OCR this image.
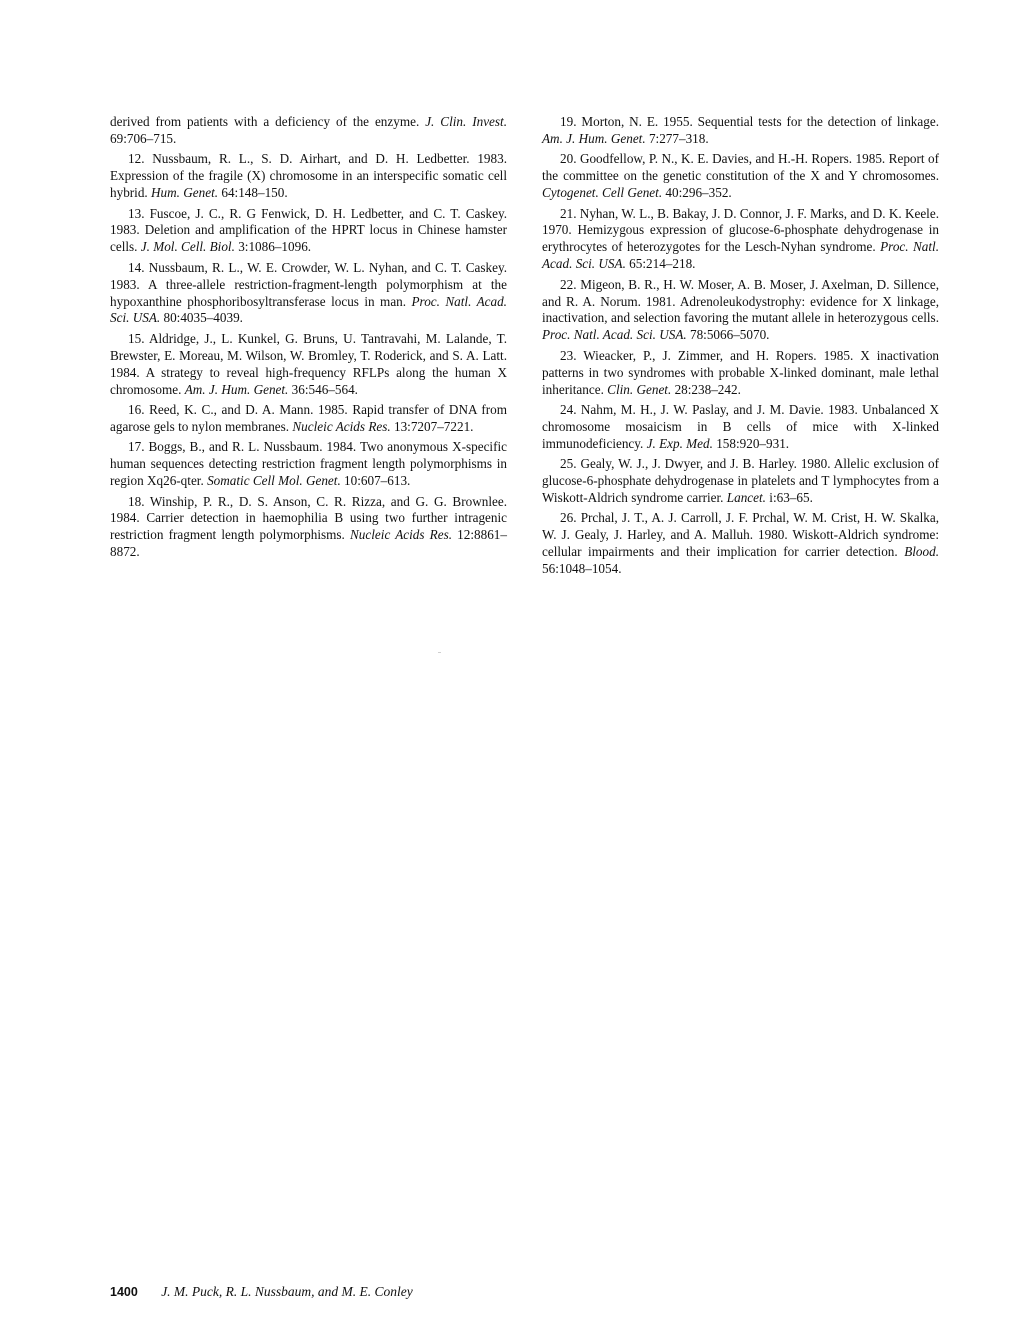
derived from patients with a deficiency of the enzyme. J. Clin. Invest. 69:706–715.

12. Nussbaum, R. L., S. D. Airhart, and D. H. Ledbetter. 1983. Expression of the fragile (X) chromosome in an interspecific somatic cell hybrid. Hum. Genet. 64:148–150.

13. Fuscoe, J. C., R. G Fenwick, D. H. Ledbetter, and C. T. Caskey. 1983. Deletion and amplification of the HPRT locus in Chinese hamster cells. J. Mol. Cell. Biol. 3:1086–1096.

14. Nussbaum, R. L., W. E. Crowder, W. L. Nyhan, and C. T. Caskey. 1983. A three-allele restriction-fragment-length polymorphism at the hypoxanthine phosphoribosyltransferase locus in man. Proc. Natl. Acad. Sci. USA. 80:4035–4039.

15. Aldridge, J., L. Kunkel, G. Bruns, U. Tantravahi, M. Lalande, T. Brewster, E. Moreau, M. Wilson, W. Bromley, T. Roderick, and S. A. Latt. 1984. A strategy to reveal high-frequency RFLPs along the human X chromosome. Am. J. Hum. Genet. 36:546–564.

16. Reed, K. C., and D. A. Mann. 1985. Rapid transfer of DNA from agarose gels to nylon membranes. Nucleic Acids Res. 13:7207–7221.

17. Boggs, B., and R. L. Nussbaum. 1984. Two anonymous X-specific human sequences detecting restriction fragment length polymorphisms in region Xq26-qter. Somatic Cell Mol. Genet. 10:607–613.

18. Winship, P. R., D. S. Anson, C. R. Rizza, and G. G. Brownlee. 1984. Carrier detection in haemophilia B using two further intragenic restriction fragment length polymorphisms. Nucleic Acids Res. 12:8861–8872.

19. Morton, N. E. 1955. Sequential tests for the detection of linkage. Am. J. Hum. Genet. 7:277–318.

20. Goodfellow, P. N., K. E. Davies, and H.-H. Ropers. 1985. Report of the committee on the genetic constitution of the X and Y chromosomes. Cytogenet. Cell Genet. 40:296–352.

21. Nyhan, W. L., B. Bakay, J. D. Connor, J. F. Marks, and D. K. Keele. 1970. Hemizygous expression of glucose-6-phosphate dehydrogenase in erythrocytes of heterozygotes for the Lesch-Nyhan syndrome. Proc. Natl. Acad. Sci. USA. 65:214–218.

22. Migeon, B. R., H. W. Moser, A. B. Moser, J. Axelman, D. Sillence, and R. A. Norum. 1981. Adrenoleukodystrophy: evidence for X linkage, inactivation, and selection favoring the mutant allele in heterozygous cells. Proc. Natl. Acad. Sci. USA. 78:5066–5070.

23. Wieacker, P., J. Zimmer, and H. Ropers. 1985. X inactivation patterns in two syndromes with probable X-linked dominant, male lethal inheritance. Clin. Genet. 28:238–242.

24. Nahm, M. H., J. W. Paslay, and J. M. Davie. 1983. Unbalanced X chromosome mosaicism in B cells of mice with X-linked immunodeficiency. J. Exp. Med. 158:920–931.

25. Gealy, W. J., J. Dwyer, and J. B. Harley. 1980. Allelic exclusion of glucose-6-phosphate dehydrogenase in platelets and T lymphocytes from a Wiskott-Aldrich syndrome carrier. Lancet. i:63–65.

26. Prchal, J. T., A. J. Carroll, J. F. Prchal, W. M. Crist, H. W. Skalka, W. J. Gealy, J. Harley, and A. Malluh. 1980. Wiskott-Aldrich syndrome: cellular impairments and their implication for carrier detection. Blood. 56:1048–1054.

1400 J. M. Puck, R. L. Nussbaum, and M. E. Conley
